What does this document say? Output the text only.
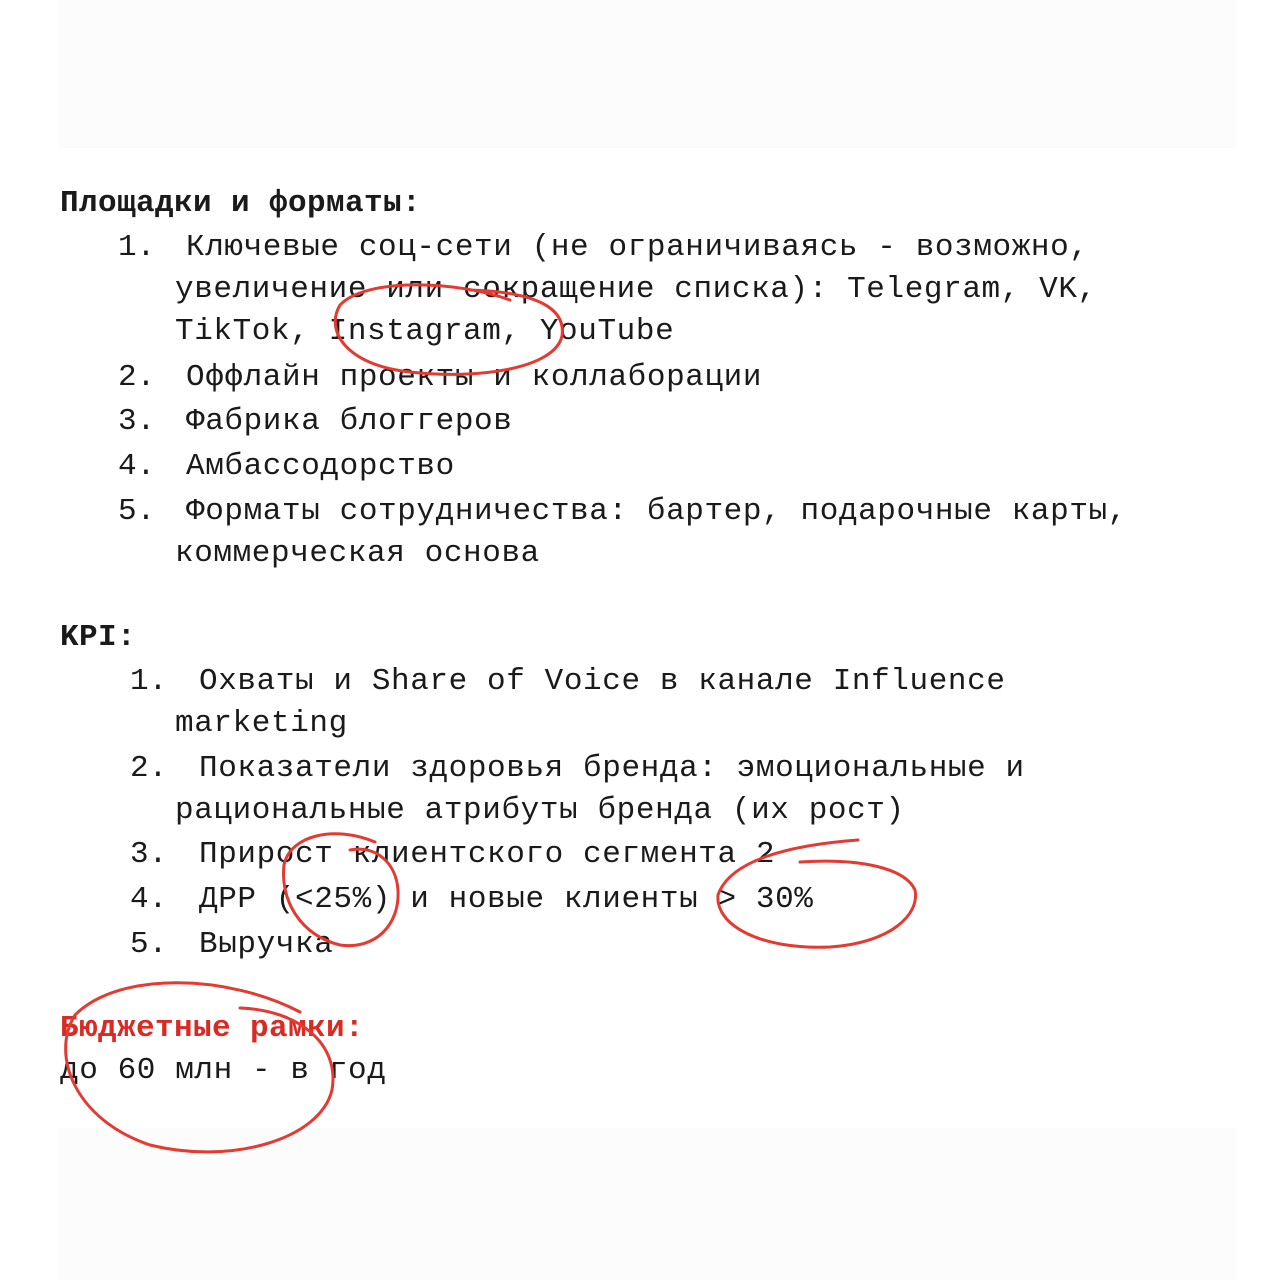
Площадки и форматы:
1. Ключевые соц-сети (не ограничиваясь - возможно,
увеличение или сокращение списка): Telegram, VK,
TikTok, Instagram, YouTube
2. Оффлайн проекты и коллаборации
3. Фабрика блоггеров
4. Амбассодорство
5. Форматы сотрудничества: бартер, подарочные карты,
коммерческая основа
KPI:
1. Охваты и Share of Voice в канале Influence
marketing
2. Показатели здоровья бренда: эмоциональные и
рациональные атрибуты бренда (их рост)
3. Прирост клиентского сегмента 2
4. ДРР (<25%) и новые клиенты > 30%
5. Выручка
Бюджетные рамки:
до 60 млн - в год
